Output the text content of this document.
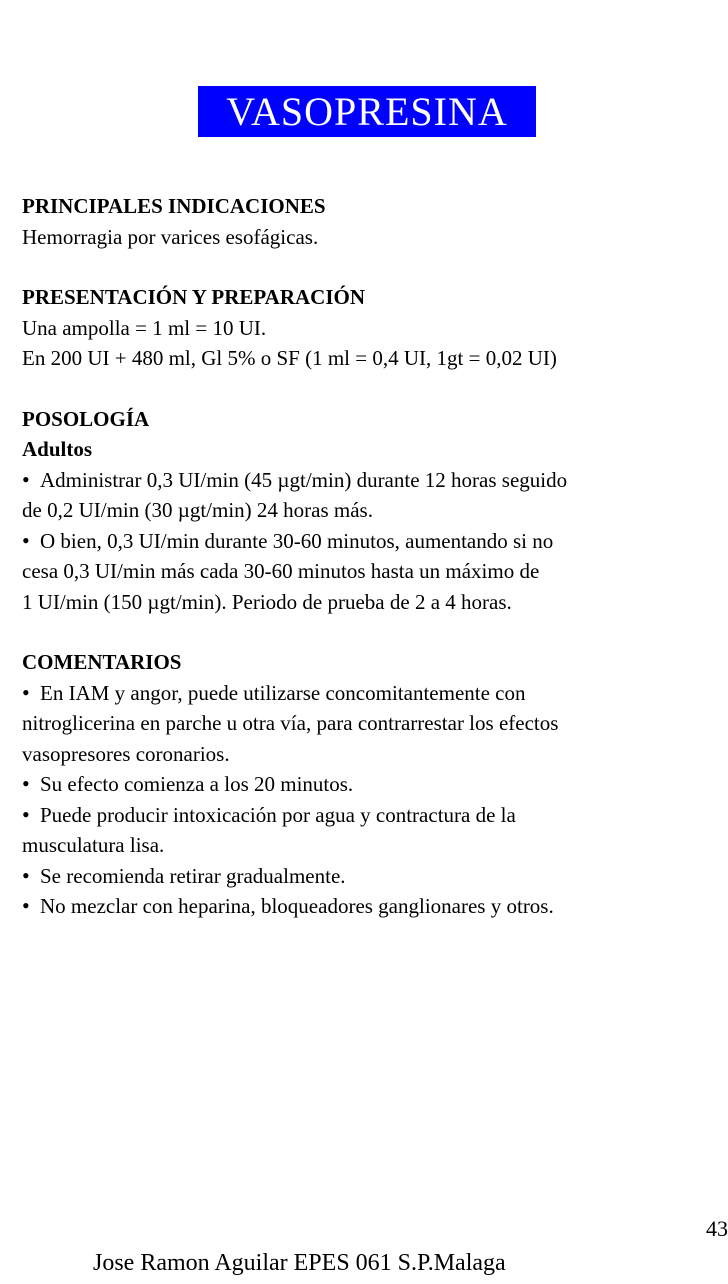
VASOPRESINA
PRINCIPALES INDICACIONES
Hemorragia por varices esofágicas.
PRESENTACIÓN Y PREPARACIÓN
Una ampolla = 1 ml = 10 UI.
En 200 UI + 480 ml, Gl 5% o SF (1 ml = 0,4 UI, 1gt = 0,02 UI)
POSOLOGÍA
Adultos
• Administrar 0,3 UI/min (45 µgt/min) durante 12 horas seguido
de 0,2 UI/min (30 µgt/min) 24 horas más.
• O bien, 0,3 UI/min durante 30-60 minutos, aumentando si no
cesa 0,3 UI/min más cada 30-60 minutos hasta un máximo de
1 UI/min (150 µgt/min). Periodo de prueba de 2 a 4 horas.
COMENTARIOS
• En IAM y angor, puede utilizarse concomitantemente con
nitroglicerina en parche u otra vía, para contrarrestar los efectos
vasopresores coronarios.
• Su efecto comienza a los 20 minutos.
• Puede producir intoxicación por agua y contractura de la
musculatura lisa.
• Se recomienda retirar gradualmente.
• No mezclar con heparina, bloqueadores ganglionares y otros.
43
Jose Ramon Aguilar EPES 061 S.P.Malaga
